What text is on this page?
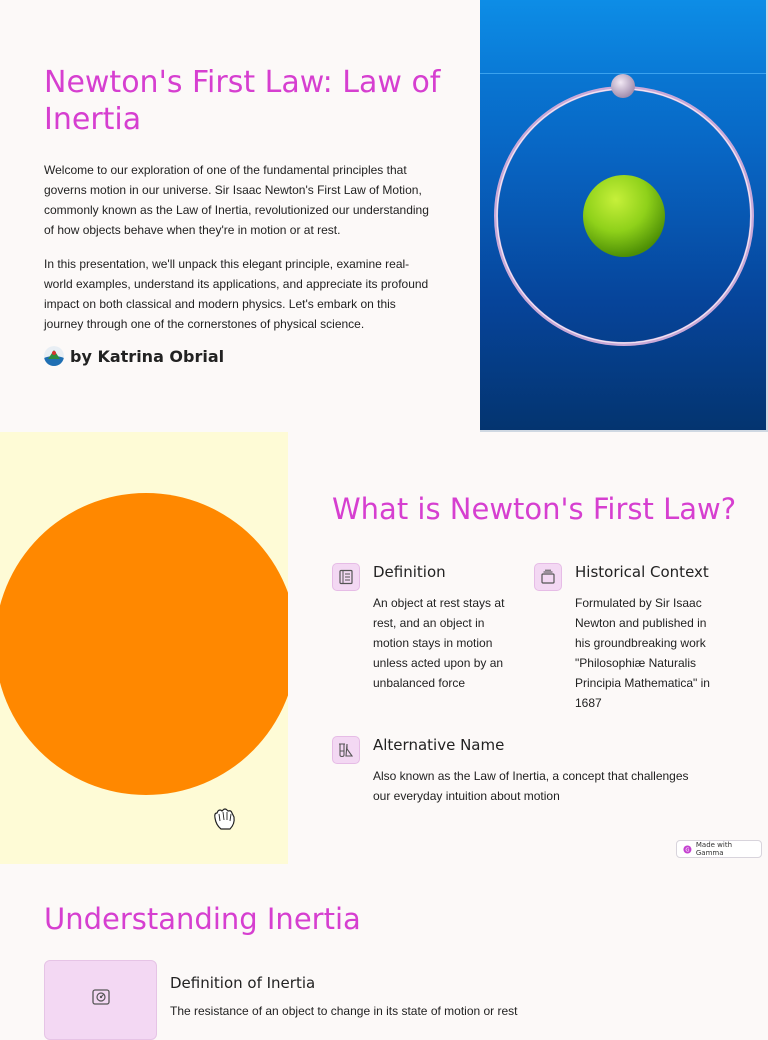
Newton's First Law: Law of Inertia

Welcome to our exploration of one of the fundamental principles that governs motion in our universe. Sir Isaac Newton's First Law of Motion, commonly known as the Law of Inertia, revolutionized our understanding of how objects behave when they're in motion or at rest.

In this presentation, we'll unpack this elegant principle, examine real-world examples, understand its applications, and appreciate its profound impact on both classical and modern physics. Let's embark on this journey through one of the cornerstones of physical science.

by Katrina Obrial
What is Newton's First Law?
Definition

An object at rest stays at rest, and an object in motion stays in motion unless acted upon by an unbalanced force

Historical Context

Formulated by Sir Isaac Newton and published in his groundbreaking work "Philosophiæ Naturalis Principia Mathematica" in 1687

Alternative Name

Also known as the Law of Inertia, a concept that challenges our everyday intuition about motion

G
Made with Gamma
Understanding Inertia
Definition of Inertia

The resistance of an object to change in its state of motion or rest
